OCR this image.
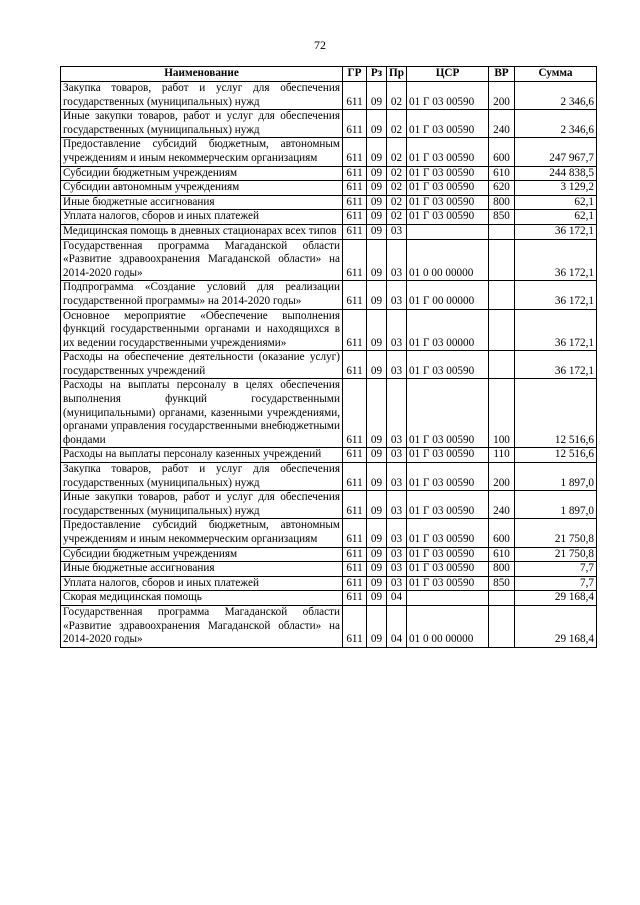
72
Наименование	ГР	Рз	Пр	ЦСР	ВР	Сумма
Закупка товаров, работ и услуг для обеспечения государственных (муниципальных) нужд	611	09	02	01 Г 03 00590	200	2 346,6
Иные закупки товаров, работ и услуг для обеспечения государственных (муниципальных) нужд	611	09	02	01 Г 03 00590	240	2 346,6
Предоставление субсидий бюджетным, автономным учреждениям и иным некоммерческим организациям	611	09	02	01 Г 03 00590	600	247 967,7
Субсидии бюджетным учреждениям	611	09	02	01 Г 03 00590	610	244 838,5
Субсидии автономным учреждениям	611	09	02	01 Г 03 00590	620	3 129,2
Иные бюджетные ассигнования	611	09	02	01 Г 03 00590	800	62,1
Уплата налогов, сборов и иных платежей	611	09	02	01 Г 03 00590	850	62,1
Медицинская помощь в дневных стационарах всех типов	611	09	03			36 172,1
Государственная программа Магаданской области «Развитие здравоохранения Магаданской области» на 2014-2020 годы»	611	09	03	01 0 00 00000		36 172,1
Подпрограмма «Создание условий для реализации государственной программы» на 2014-2020 годы»	611	09	03	01 Г 00 00000		36 172,1
Основное мероприятие «Обеспечение выполнения функций государственными органами и находящихся в их ведении государственными учреждениями»	611	09	03	01 Г 03 00000		36 172,1
Расходы на обеспечение деятельности (оказание услуг) государственных учреждений	611	09	03	01 Г 03 00590		36 172,1
Расходы на выплаты персоналу в целях обеспечения выполнения функций государственными (муниципальными) органами, казенными учреждениями, органами управления государственными внебюджетными фондами	611	09	03	01 Г 03 00590	100	12 516,6
Расходы на выплаты персоналу казенных учреждений	611	09	03	01 Г 03 00590	110	12 516,6
Закупка товаров, работ и услуг для обеспечения государственных (муниципальных) нужд	611	09	03	01 Г 03 00590	200	1 897,0
Иные закупки товаров, работ и услуг для обеспечения государственных (муниципальных) нужд	611	09	03	01 Г 03 00590	240	1 897,0
Предоставление субсидий бюджетным, автономным учреждениям и иным некоммерческим организациям	611	09	03	01 Г 03 00590	600	21 750,8
Субсидии бюджетным учреждениям	611	09	03	01 Г 03 00590	610	21 750,8
Иные бюджетные ассигнования	611	09	03	01 Г 03 00590	800	7,7
Уплата налогов, сборов и иных платежей	611	09	03	01 Г 03 00590	850	7,7
Скорая медицинская помощь	611	09	04			29 168,4
Государственная программа Магаданской области «Развитие здравоохранения Магаданской области» на 2014-2020 годы»	611	09	04	01 0 00 00000		29 168,4
